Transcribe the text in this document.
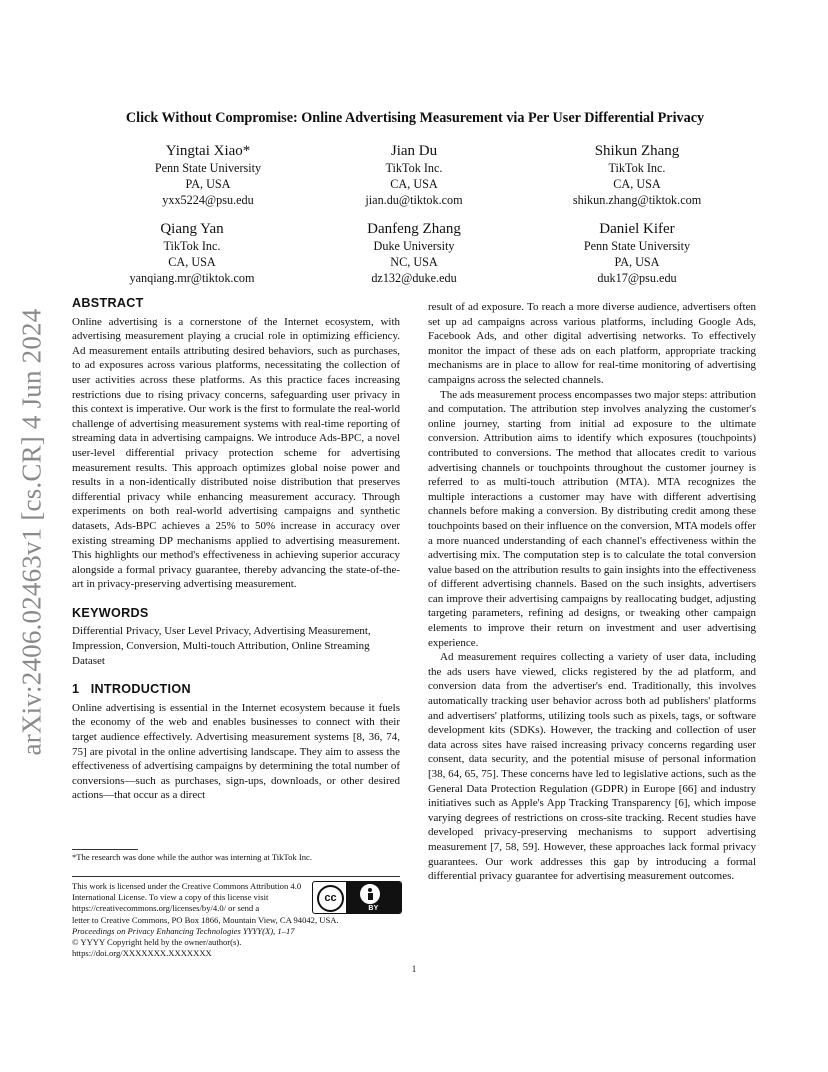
arXiv:2406.02463v1 [cs.CR] 4 Jun 2024
Click Without Compromise: Online Advertising Measurement via Per User Differential Privacy
Yingtai Xiao*
Penn State University
PA, USA
yxx5224@psu.edu
Jian Du
TikTok Inc.
CA, USA
jian.du@tiktok.com
Shikun Zhang
TikTok Inc.
CA, USA
shikun.zhang@tiktok.com
Qiang Yan
TikTok Inc.
CA, USA
yanqiang.mr@tiktok.com
Danfeng Zhang
Duke University
NC, USA
dz132@duke.edu
Daniel Kifer
Penn State University
PA, USA
duk17@psu.edu
ABSTRACT

Online advertising is a cornerstone of the Internet ecosystem, with advertising measurement playing a crucial role in optimizing efficiency. Ad measurement entails attributing desired behaviors, such as purchases, to ad exposures across various platforms, necessitating the collection of user activities across these platforms. As this practice faces increasing restrictions due to rising privacy concerns, safeguarding user privacy in this context is imperative. Our work is the first to formulate the real-world challenge of advertising measurement systems with real-time reporting of streaming data in advertising campaigns. We introduce Ads-BPC, a novel user-level differential privacy protection scheme for advertising measurement results. This approach optimizes global noise power and results in a non-identically distributed noise distribution that preserves differential privacy while enhancing measurement accuracy. Through experiments on both real-world advertising campaigns and synthetic datasets, Ads-BPC achieves a 25% to 50% increase in accuracy over existing streaming DP mechanisms applied to advertising measurement. This highlights our method's effectiveness in achieving superior accuracy alongside a formal privacy guarantee, thereby advancing the state-of-the-art in privacy-preserving advertising measurement.

KEYWORDS

Differential Privacy, User Level Privacy, Advertising Measurement, Impression, Conversion, Multi-touch Attribution, Online Streaming Dataset

1   INTRODUCTION

Online advertising is essential in the Internet ecosystem because it fuels the economy of the web and enables businesses to connect with their target audience effectively. Advertising measurement systems [8, 36, 74, 75] are pivotal in the online advertising landscape. They aim to assess the effectiveness of advertising campaigns by determining the total number of conversions—such as purchases, sign-ups, downloads, or other desired actions—that occur as a direct

*The research was done while the author was interning at TikTok Inc.
This work is licensed under the Creative Commons Attribution 4.0 International License. To view a copy of this license visit https://creativecommons.org/licenses/by/4.0/ or send a
letter to Creative Commons, PO Box 1866, Mountain View, CA 94042, USA.
Proceedings on Privacy Enhancing Technologies YYYY(X), 1–17
© YYYY Copyright held by the owner/author(s).
https://doi.org/XXXXXXX.XXXXXXX
cc
BY

result of ad exposure. To reach a more diverse audience, advertisers often set up ad campaigns across various platforms, including Google Ads, Facebook Ads, and other digital advertising networks. To effectively monitor the impact of these ads on each platform, appropriate tracking mechanisms are in place to allow for real-time monitoring of advertising campaigns across the selected channels.

The ads measurement process encompasses two major steps: attribution and computation. The attribution step involves analyzing the customer's online journey, starting from initial ad exposure to the ultimate conversion. Attribution aims to identify which exposures (touchpoints) contributed to conversions. The method that allocates credit to various advertising channels or touchpoints throughout the customer journey is referred to as multi-touch attribution (MTA). MTA recognizes the multiple interactions a customer may have with different advertising channels before making a conversion. By distributing credit among these touchpoints based on their influence on the conversion, MTA models offer a more nuanced understanding of each channel's effectiveness within the advertising mix. The computation step is to calculate the total conversion value based on the attribution results to gain insights into the effectiveness of different advertising channels. Based on the such insights, advertisers can improve their advertising campaigns by reallocating budget, adjusting targeting parameters, refining ad designs, or tweaking other campaign elements to improve their return on investment and user advertising experience.

Ad measurement requires collecting a variety of user data, including the ads users have viewed, clicks registered by the ad platform, and conversion data from the advertiser's end. Traditionally, this involves automatically tracking user behavior across both ad publishers' platforms and advertisers' platforms, utilizing tools such as pixels, tags, or software development kits (SDKs). However, the tracking and collection of user data across sites have raised increasing privacy concerns regarding user consent, data security, and the potential misuse of personal information [38, 64, 65, 75]. These concerns have led to legislative actions, such as the General Data Protection Regulation (GDPR) in Europe [66] and industry initiatives such as Apple's App Tracking Transparency [6], which impose varying degrees of restrictions on cross-site tracking. Recent studies have developed privacy-preserving mechanisms to support advertising measurement [7, 58, 59]. However, these approaches lack formal privacy guarantees. Our work addresses this gap by introducing a formal differential privacy guarantee for advertising measurement outcomes.

1
